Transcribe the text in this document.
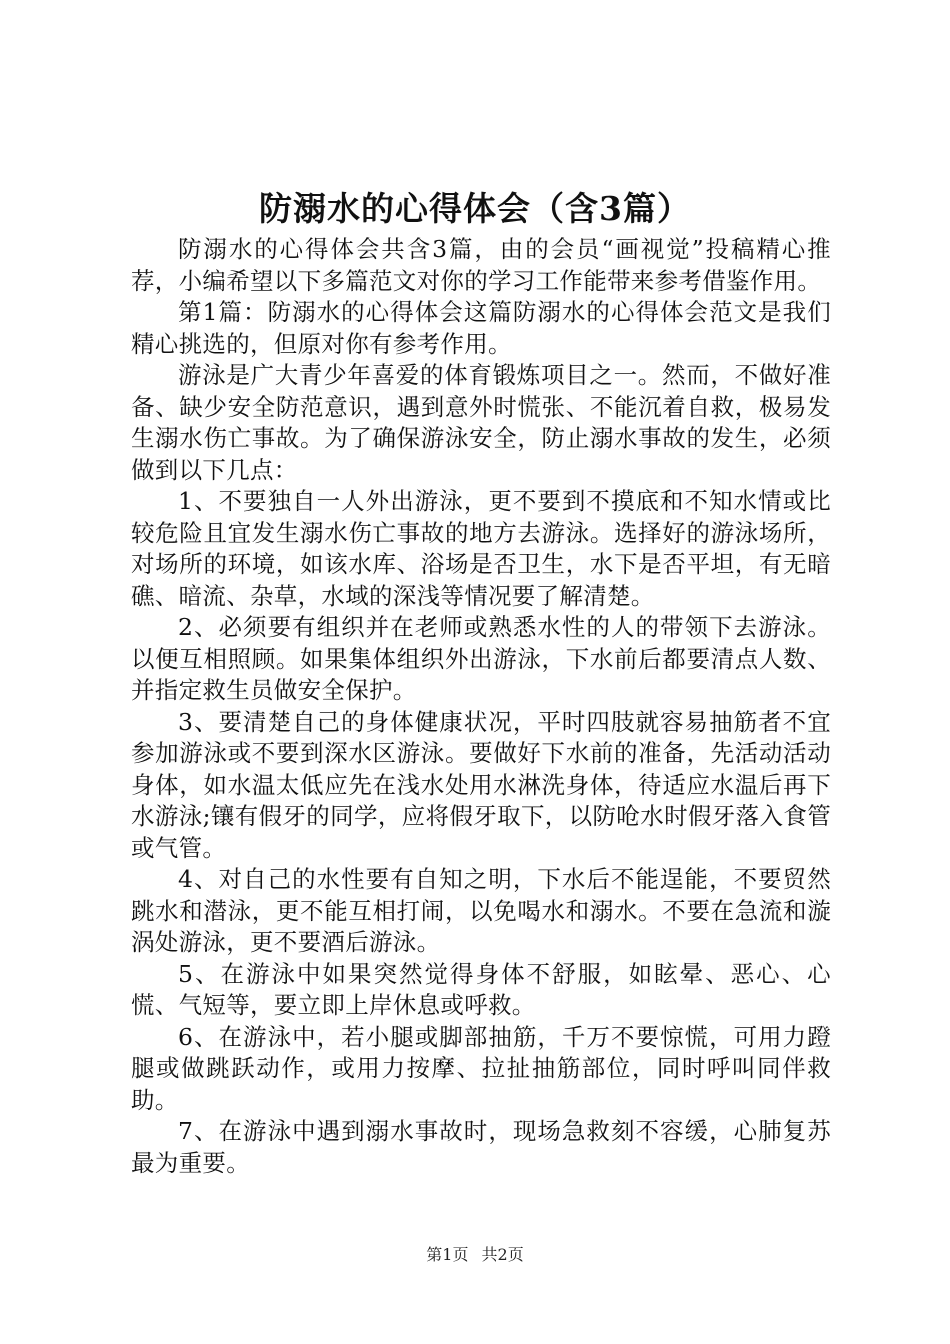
防溺水的心得体会（含3篇）

防溺水的心得体会共含3篇，由的会员“画视觉”投稿精心推荐，小编希望以下多篇范文对你的学习工作能带来参考借鉴作用。

第1篇：防溺水的心得体会这篇防溺水的心得体会范文是我们精心挑选的，但原对你有参考作用。

游泳是广大青少年喜爱的体育锻炼项目之一。然而，不做好准备、缺少安全防范意识，遇到意外时慌张、不能沉着自救，极易发生溺水伤亡事故。为了确保游泳安全，防止溺水事故的发生，必须做到以下几点：

1、不要独自一人外出游泳，更不要到不摸底和不知水情或比较危险且宜发生溺水伤亡事故的地方去游泳。选择好的游泳场所，对场所的环境，如该水库、浴场是否卫生，水下是否平坦，有无暗礁、暗流、杂草，水域的深浅等情况要了解清楚。

2、必须要有组织并在老师或熟悉水性的人的带领下去游泳。以便互相照顾。如果集体组织外出游泳，下水前后都要清点人数、并指定救生员做安全保护。

3、要清楚自己的身体健康状况，平时四肢就容易抽筋者不宜参加游泳或不要到深水区游泳。要做好下水前的准备，先活动活动身体，如水温太低应先在浅水处用水淋洗身体，待适应水温后再下水游泳;镶有假牙的同学，应将假牙取下，以防呛水时假牙落入食管或气管。

4、对自己的水性要有自知之明，下水后不能逞能，不要贸然跳水和潜泳，更不能互相打闹，以免喝水和溺水。不要在急流和漩涡处游泳，更不要酒后游泳。

5、在游泳中如果突然觉得身体不舒服，如眩晕、恶心、心慌、气短等，要立即上岸休息或呼救。

6、在游泳中，若小腿或脚部抽筋，千万不要惊慌，可用力蹬腿或做跳跃动作，或用力按摩、拉扯抽筋部位，同时呼叫同伴救助。

7、在游泳中遇到溺水事故时，现场急救刻不容缓，心肺复苏最为重要。

第1页 共2页
